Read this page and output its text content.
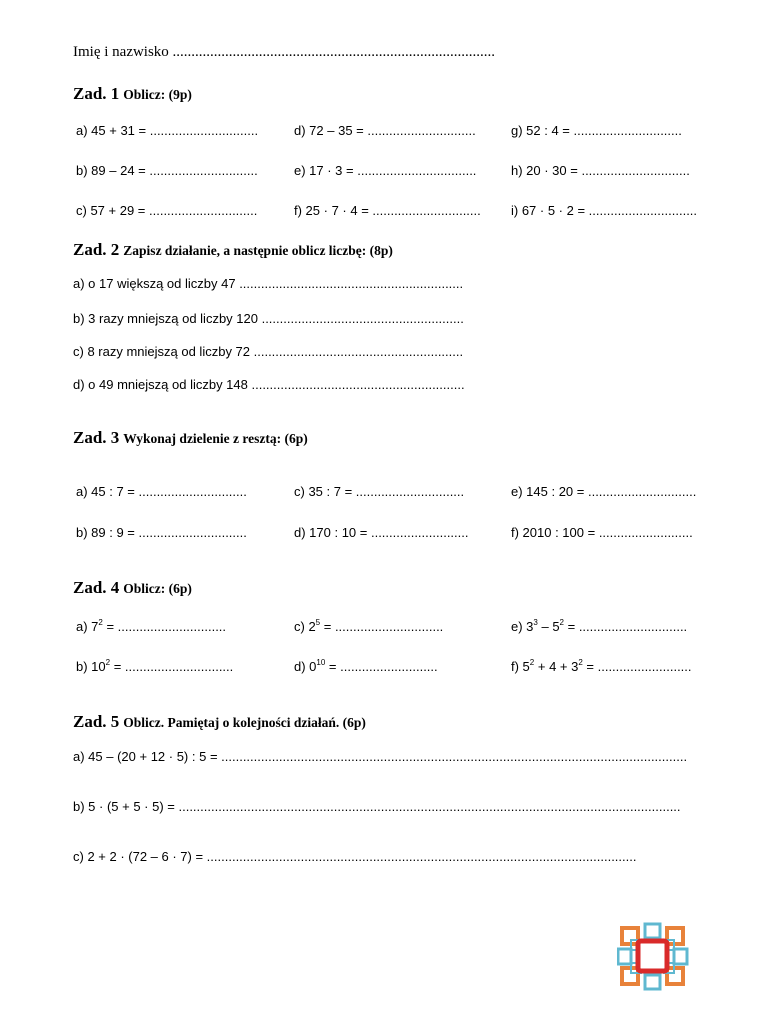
Imię i nazwisko ......................................................................................
Zad. 1 Oblicz: (9p)
a) 45 + 31 = ..............................	d) 72 – 35 = ..............................	g) 52 : 4 = ..............................
b) 89 – 24 = ..............................	e) 17 · 3 = .................................	h) 20 · 30 = ..............................
c) 57 + 29 = ..............................	f) 25 · 7 · 4 = .............................. i) 67 · 5 · 2 = ..............................
Zad. 2 Zapisz działanie, a następnie oblicz liczbę: (8p)
a) o 17 większą od liczby 47 ..............................................................
b) 3 razy mniejszą od liczby 120 ........................................................
c) 8 razy mniejszą od liczby 72 ..........................................................
d) o 49 mniejszą od liczby 148 ...........................................................
Zad. 3 Wykonaj dzielenie z resztą: (6p)
a) 45 : 7 = ..............................	c) 35 : 7 = ..............................	e) 145 : 20 = ..............................
b) 89 : 9 = ..............................	d) 170 : 10 = ...........................	f) 2010 : 100 = ..........................
Zad. 4 Oblicz: (6p)
a) $7^2$ = ..............................	c) $2^5$ = ..............................	e) $3^3 - 5^2$ = ..............................
b) $10^2$ = ..............................	d) $0^{10}$ = ...........................	f) $5^2 + 4 + 3^2$ = ..........................
Zad. 5 Oblicz. Pamiętaj o kolejności działań. (6p)
a) 45 – (20 + 12 · 5) : 5 = .................................................................................................................................
b) 5 · (5 + 5 · 5) = ...........................................................................................................................................
c) 2 + 2 · (72 – 6 · 7) = .......................................................................................................................
